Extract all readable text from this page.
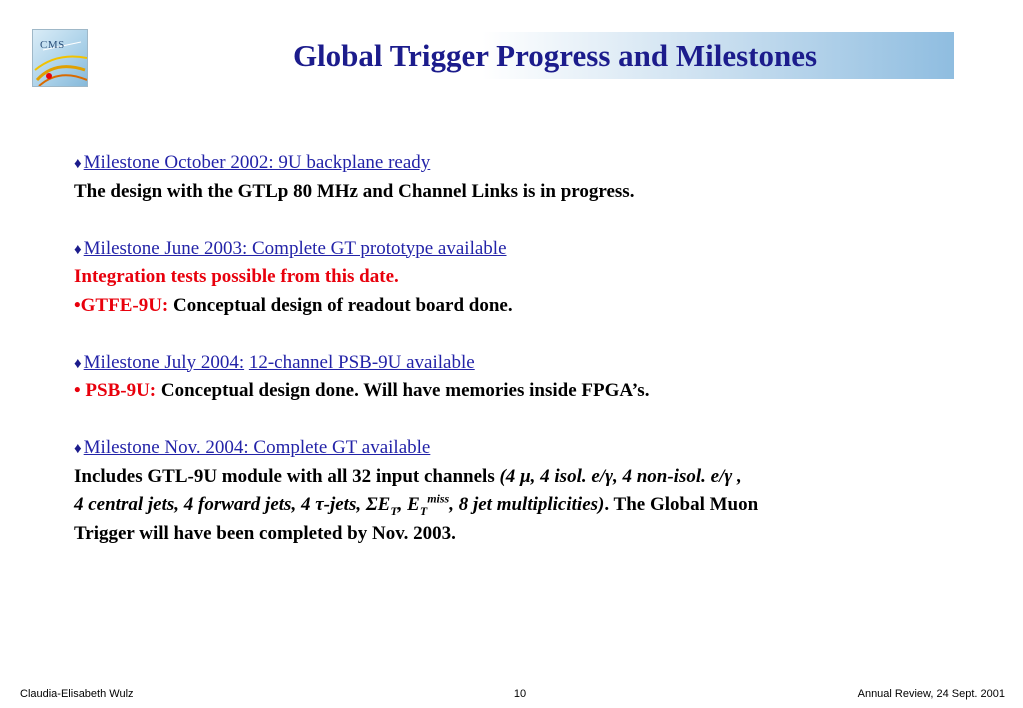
CMS	Global Trigger Progress and Milestones
♦ Milestone October 2002: 9U backplane ready
The design with the GTLp 80 MHz and Channel Links is in progress.
♦ Milestone June 2003: Complete GT prototype available
Integration tests possible from this date.
•GTFE-9U: Conceptual design of readout board done.
♦ Milestone July 2004: 12-channel PSB-9U available
• PSB-9U: Conceptual design done. Will have memories inside FPGA’s.
♦ Milestone Nov. 2004: Complete GT available
Includes GTL-9U module with all 32 input channels (4 μ, 4 isol. e/γ, 4 non-isol. e/γ ,
4 central jets, 4 forward jets, 4 τ-jets, $\Sigma E_T$, $E_T^{miss}$, 8 jet multiplicities). The Global Muon
Trigger will have been completed by Nov. 2003.
Claudia-Elisabeth Wulz	10	Annual Review, 24 Sept. 2001
